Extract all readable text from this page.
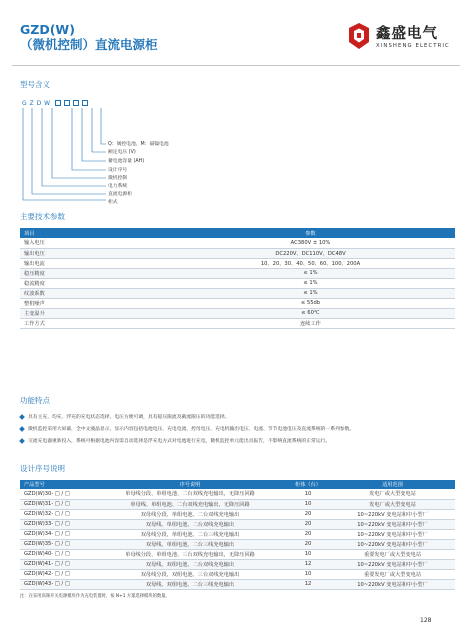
GZD(W)
（微机控制）直流电源柜
鑫盛电气
XINSHENG ELECTRIC
型号含义
G Z D W
Q：阀控电池，M：镉镍电池
额定电压 (V)
蓄电池容量 (AH)
设计序号
微机控制
电力系统
直流电源柜
柜式
主要技术参数
项目	参数
输入电压	AC380V ± 10%
输出电压	DC220V、DC110V、DC48V
输出电流	10、20、30、40、50、60、100、200A
稳压精度	≤ 1%
稳流精度	≤ 1%
纹波系数	≤ 1%
整机噪声	≤ 55db
主变温升	≤ 60℃
工作方式	连续工作
功能特点
具有主充、均充、浮充的充电状态选择，电压方便可调，具有稳压限流及截流限压的功能选择。
微机监控采用大屏幕，全中文液晶显示，显示内容包括电池电压、充电电流、控母电压、充电机输出电压、电流、节节电池电压及直流系统的一系列参数。
交流充电器重新投入，系统可根据电池内容需自动选择是浮充电方式对电池进行充电，微机监控单元能出具报告，不影响直流系统的正常运行。
设计序号说明
产品型号	序号说明	柜体（台）	适用范围
GZD(W)30- □ / □	单母线分段、单组电池、二台双线充电输出，无降压回路	10	发电厂或大型变电站
GZD(W)31- □ / □	单母线、单组电池、二台双线充电输出，无降压回路	10	发电厂或大型变电站
GZD(W)32- □ / □	双母线分段、单组电池、二台双线充电输出	20	10~220kV 变电站和中小型厂
GZD(W)33- □ / □	双母线、单组电池、二台双线充电输出	20	10~220kV 变电站和中小型厂
GZD(W)34- □ / □	双母线分段、单组电池、二台三线充电输出	20	10~220kV 变电站和中小型厂
GZD(W)35- □ / □	双母线、单组电池、二台三线充电输出	20	10~220kV 变电站和中小型厂
GZD(W)40- □ / □	单母线分段、单组电池、三台双线充电输出，无降压回路	10	重要发电厂或大型变电站
GZD(W)41- □ / □	双母线、双组电池、二台双线充电输出	12	10~220kV 变电站和中小型厂
GZD(W)42- □ / □	双母线分段、双组电池、三台双线充电输出	10	重要发电厂或大型变电站
GZD(W)43- □ / □	双母线、双组电池、二台三线充电输出	12	10~220kV 变电站和中小型厂
注：在采用高频开关电源模块作为充电装置时，按 N+1 方案选择模块的数量。
128
